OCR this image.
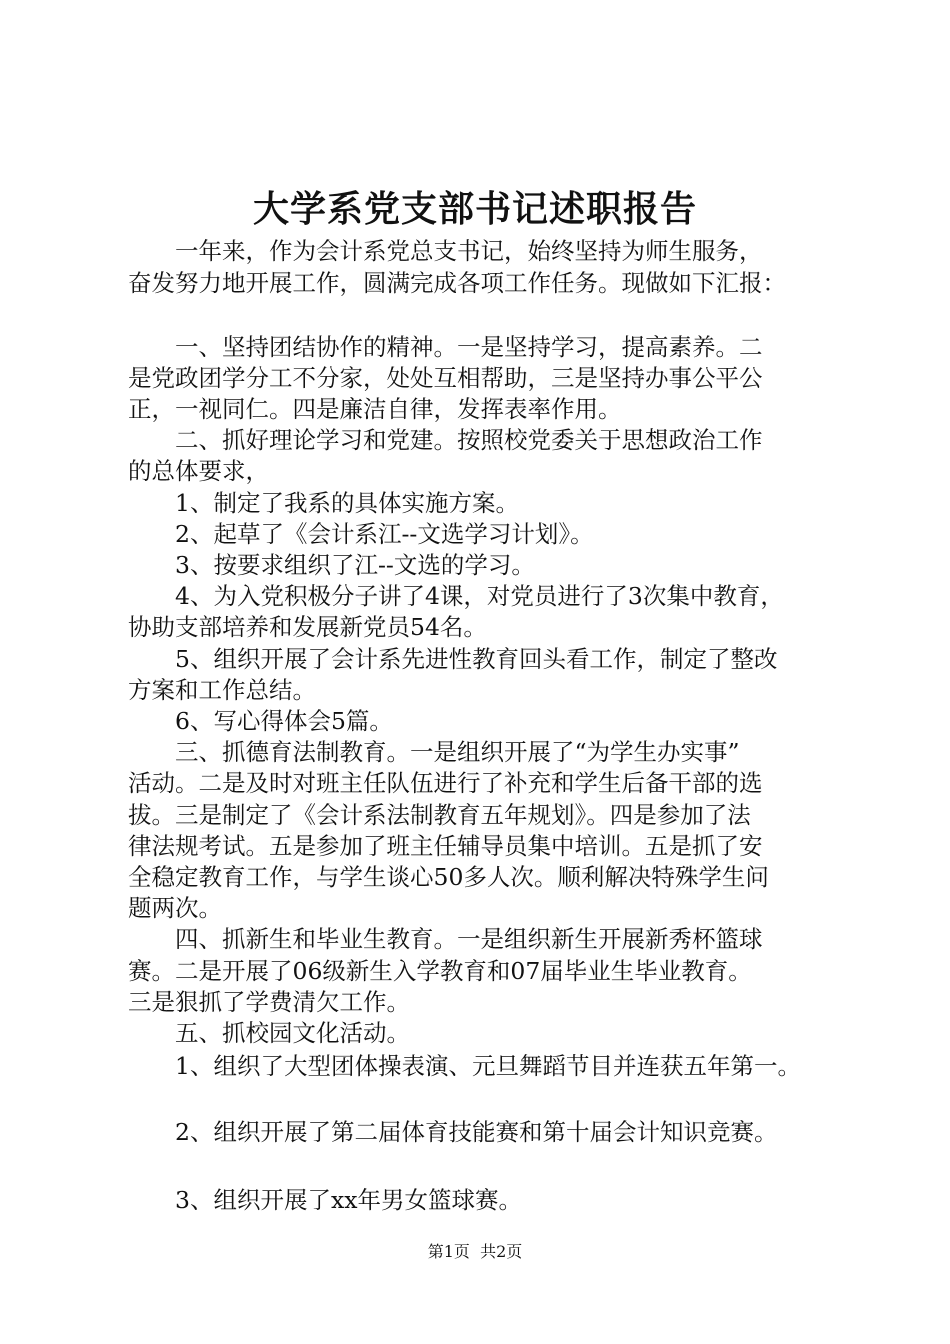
大学系党支部书记述职报告
　　一年来，作为会计系党总支书记，始终坚持为师生服务，
奋发努力地开展工作，圆满完成各项工作任务。现做如下汇报：
　　一、坚持团结协作的精神。一是坚持学习，提高素养。二
是党政团学分工不分家，处处互相帮助，三是坚持办事公平公
正，一视同仁。四是廉洁自律，发挥表率作用。
　　二、抓好理论学习和党建。按照校党委关于思想政治工作
的总体要求，
　　1、制定了我系的具体实施方案。
　　2、起草了《会计系江--文选学习计划》。
　　3、按要求组织了江--文选的学习。
　　4、为入党积极分子讲了4课，对党员进行了3次集中教育，
协助支部培养和发展新党员54名。
　　5、组织开展了会计系先进性教育回头看工作，制定了整改
方案和工作总结。
　　6、写心得体会5篇。
　　三、抓德育法制教育。一是组织开展了“为学生办实事”
活动。二是及时对班主任队伍进行了补充和学生后备干部的选
拔。三是制定了《会计系法制教育五年规划》。四是参加了法
律法规考试。五是参加了班主任辅导员集中培训。五是抓了安
全稳定教育工作，与学生谈心50多人次。顺利解决特殊学生问
题两次。
　　四、抓新生和毕业生教育。一是组织新生开展新秀杯篮球
赛。二是开展了06级新生入学教育和07届毕业生毕业教育。
三是狠抓了学费清欠工作。
　　五、抓校园文化活动。
　　1、组织了大型团体操表演、元旦舞蹈节目并连获五年第一。
　　2、组织开展了第二届体育技能赛和第十届会计知识竞赛。
　　3、组织开展了xx年男女篮球赛。
第1页  共2页
